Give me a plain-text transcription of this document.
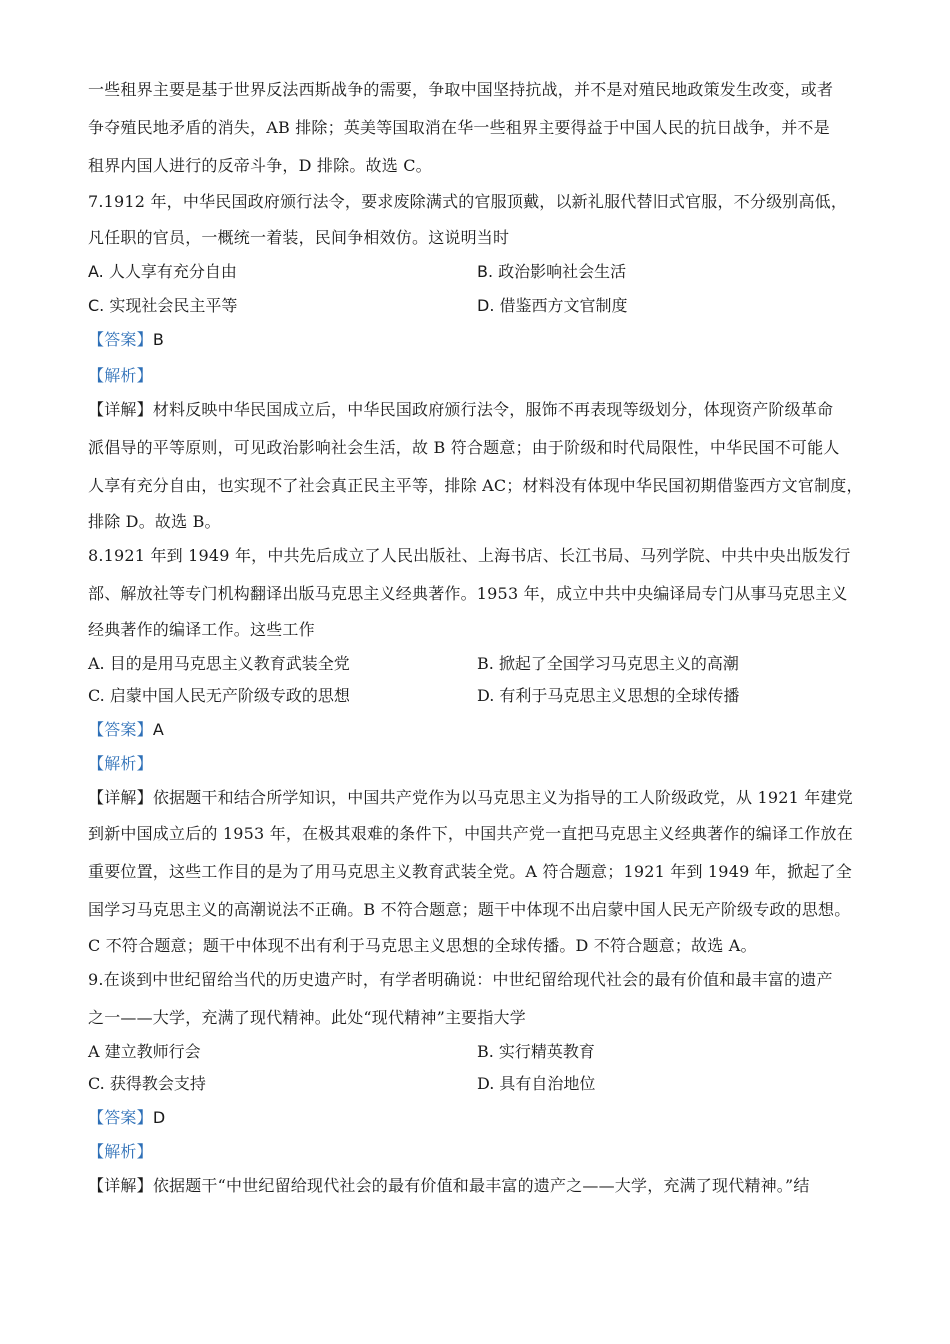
一些租界主要是基于世界反法西斯战争的需要，争取中国坚持抗战，并不是对殖民地政策发生改变，或者
争夺殖民地矛盾的消失，AB 排除；英美等国取消在华一些租界主要得益于中国人民的抗日战争，并不是
租界内国人进行的反帝斗争，D 排除。故选 C。
7.1912 年，中华民国政府颁行法令，要求废除满式的官服顶戴，以新礼服代替旧式官服，不分级别高低，
凡任职的官员，一概统一着装，民间争相效仿。这说明当时
A. 人人享有充分自由	B. 政治影响社会生活
C. 实现社会民主平等	D. 借鉴西方文官制度
【答案】B
【解析】
【详解】材料反映中华民国成立后，中华民国政府颁行法令，服饰不再表现等级划分，体现资产阶级革命
派倡导的平等原则，可见政治影响社会生活，故 B 符合题意；由于阶级和时代局限性，中华民国不可能人
人享有充分自由，也实现不了社会真正民主平等，排除 AC；材料没有体现中华民国初期借鉴西方文官制度，
排除 D。故选 B。
8.1921 年到 1949 年，中共先后成立了人民出版社、上海书店、长江书局、马列学院、中共中央出版发行
部、解放社等专门机构翻译出版马克思主义经典著作。1953 年，成立中共中央编译局专门从事马克思主义
经典著作的编译工作。这些工作
A. 目的是用马克思主义教育武装全党	B. 掀起了全国学习马克思主义的高潮
C. 启蒙中国人民无产阶级专政的思想	D. 有利于马克思主义思想的全球传播
【答案】A
【解析】
【详解】依据题干和结合所学知识，中国共产党作为以马克思主义为指导的工人阶级政党，从 1921 年建党
到新中国成立后的 1953 年，在极其艰难的条件下，中国共产党一直把马克思主义经典著作的编译工作放在
重要位置，这些工作目的是为了用马克思主义教育武装全党。A 符合题意；1921 年到 1949 年，掀起了全
国学习马克思主义的高潮说法不正确。B 不符合题意；题干中体现不出启蒙中国人民无产阶级专政的思想。
C 不符合题意；题干中体现不出有利于马克思主义思想的全球传播。D 不符合题意；故选 A。
9.在谈到中世纪留给当代的历史遗产时，有学者明确说：中世纪留给现代社会的最有价值和最丰富的遗产
之一——大学，充满了现代精神。此处“现代精神”主要指大学
A 建立教师行会	B. 实行精英教育
C. 获得教会支持	D. 具有自治地位
【答案】D
【解析】
【详解】依据题干“中世纪留给现代社会的最有价值和最丰富的遗产之——大学，充满了现代精神。”结
